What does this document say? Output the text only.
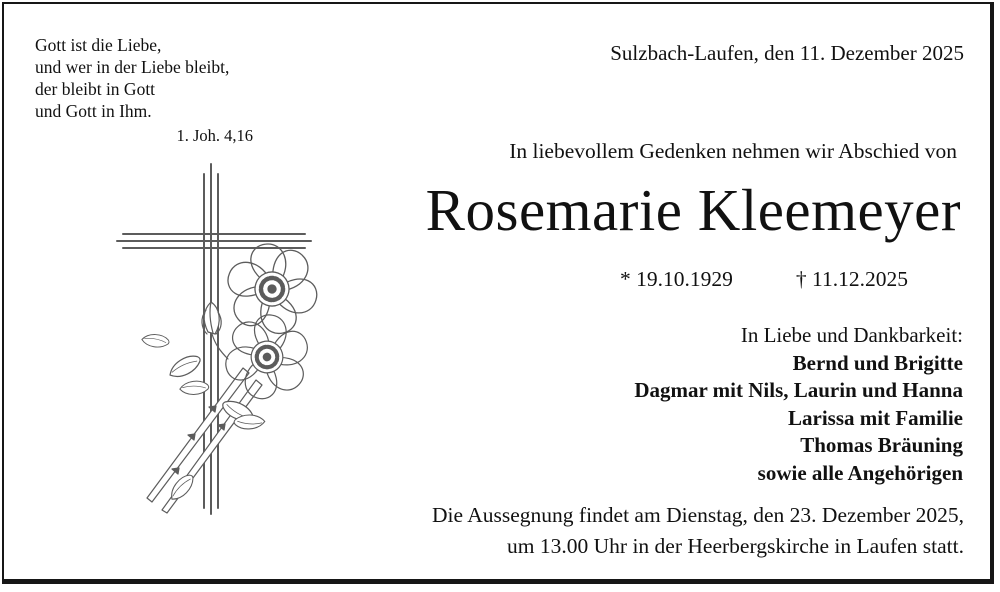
Gott ist die Liebe,
und wer in der Liebe bleibt,
der bleibt in Gott
und Gott in Ihm.
1. Joh. 4,16
Sulzbach-Laufen, den 11. Dezember 2025
In liebevollem Gedenken nehmen wir Abschied von
Rosemarie Kleemeyer
* 19.10.1929	† 11.12.2025
In Liebe und Dankbarkeit:
Bernd und Brigitte
Dagmar mit Nils, Laurin und Hanna
Larissa mit Familie
Thomas Bräuning
sowie alle Angehörigen
Die Aussegnung findet am Dienstag, den 23. Dezember 2025,
um 13.00 Uhr in der Heerbergskirche in Laufen statt.
